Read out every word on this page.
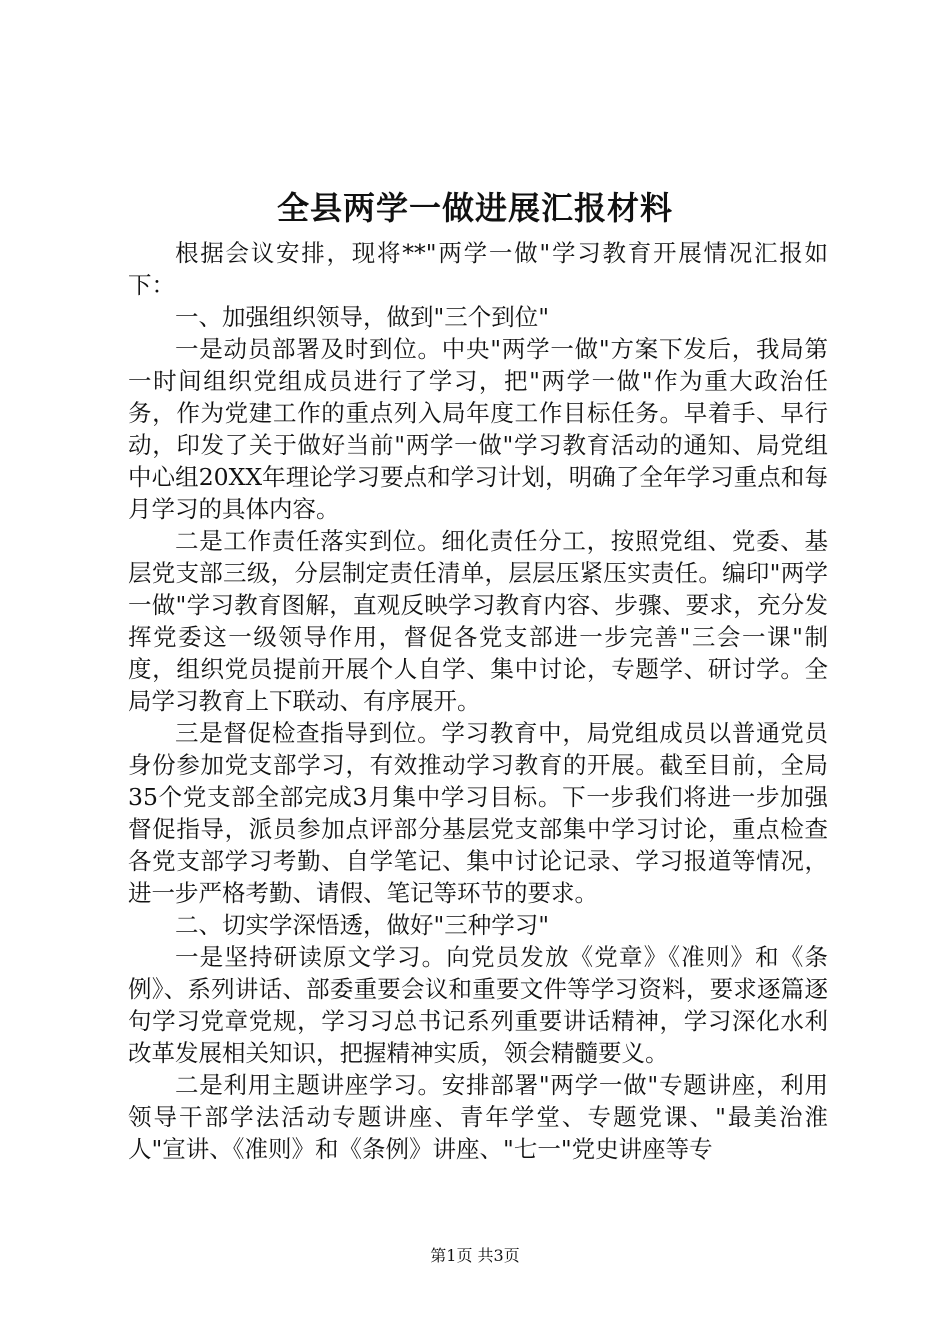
全县两学一做进展汇报材料

根据会议安排，现将**"两学一做"学习教育开展情况汇报如下：

一、加强组织领导，做到"三个到位"

一是动员部署及时到位。中央"两学一做"方案下发后，我局第一时间组织党组成员进行了学习，把"两学一做"作为重大政治任务，作为党建工作的重点列入局年度工作目标任务。早着手、早行动，印发了关于做好当前"两学一做"学习教育活动的通知、局党组中心组20XX年理论学习要点和学习计划，明确了全年学习重点和每月学习的具体内容。

二是工作责任落实到位。细化责任分工，按照党组、党委、基层党支部三级，分层制定责任清单，层层压紧压实责任。编印"两学一做"学习教育图解，直观反映学习教育内容、步骤、要求，充分发挥党委这一级领导作用，督促各党支部进一步完善"三会一课"制度，组织党员提前开展个人自学、集中讨论，专题学、研讨学。全局学习教育上下联动、有序展开。

三是督促检查指导到位。学习教育中，局党组成员以普通党员身份参加党支部学习，有效推动学习教育的开展。截至目前，全局35个党支部全部完成3月集中学习目标。下一步我们将进一步加强督促指导，派员参加点评部分基层党支部集中学习讨论，重点检查各党支部学习考勤、自学笔记、集中讨论记录、学习报道等情况，进一步严格考勤、请假、笔记等环节的要求。

二、切实学深悟透，做好"三种学习"

一是坚持研读原文学习。向党员发放《党章》《准则》和《条例》、系列讲话、部委重要会议和重要文件等学习资料，要求逐篇逐句学习党章党规，学习习总书记系列重要讲话精神，学习深化水利改革发展相关知识，把握精神实质，领会精髓要义。

二是利用主题讲座学习。安排部署"两学一做"专题讲座，利用领导干部学法活动专题讲座、青年学堂、专题党课、"最美治淮人"宣讲、《准则》和《条例》讲座、"七一"党史讲座等专

第1页 共3页
